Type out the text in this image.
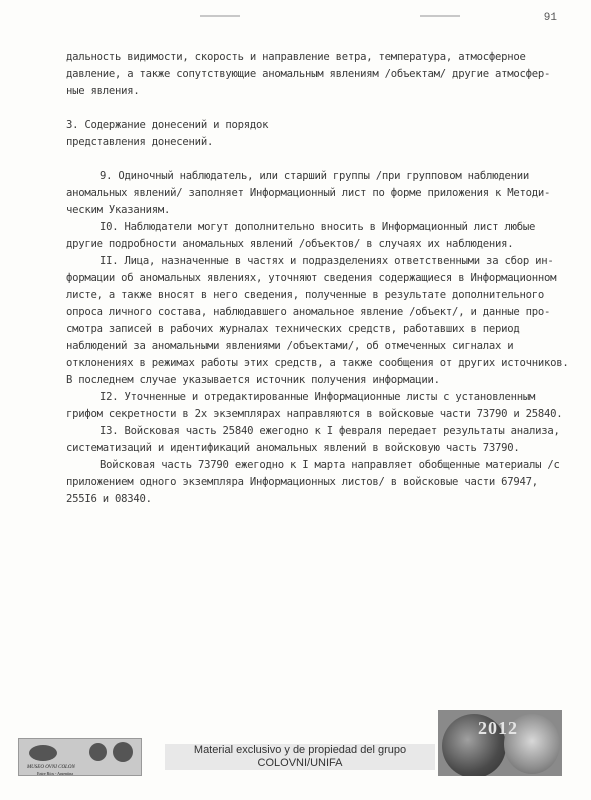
91
дальность видимости, скорость и направление ветра, температура, атмосферное
давление, а также сопутствующие аномальным явлениям /объектам/ другие атмосфер-
ные явления.
3. Содержание донесений и порядок
представления донесений.
9. Одиночный наблюдатель, или старший группы /при групповом наблюдении
аномальных явлений/ заполняет Информационный лист по форме приложения к Методи-
ческим Указаниям.
I0. Наблюдатели могут дополнительно вносить в Информационный лист любые
другие подробности аномальных явлений /объектов/ в случаях их наблюдения.
II. Лица, назначенные в частях и подразделениях ответственными за сбор ин-
формации об аномальных явлениях, уточняют сведения содержащиеся в Информационном
листе, а также вносят в него сведения, полученные в результате дополнительного
опроса личного состава, наблюдавшего аномальное явление /объект/, и данные про-
смотра записей в рабочих журналах технических средств, работавших в период
наблюдений за аномальными явлениями /объектами/, об отмеченных сигналах и
отклонениях в режимах работы этих средств, а также сообщения от других источников.
В последнем случае указывается источник получения информации.
I2. Уточненные и отредактированные Информационные листы с установленным
грифом секретности в 2х экземплярах направляются в войсковые части 73790 и 25840.
I3. Войсковая часть 25840 ежегодно к I февраля передает результаты анализа,
систематизаций и идентификаций аномальных явлений в войсковую часть 73790.
Войсковая часть 73790 ежегодно к I марта направляет обобщенные материалы /с
приложением одного экземпляра Информационных листов/ в войсковые части 67947,
255I6 и 08340.
MUSEO OVNI COLON
Entre Ríos - Argentina
Material exclusivo y de propiedad del grupo
COLOVNI/UNIFA
2012
